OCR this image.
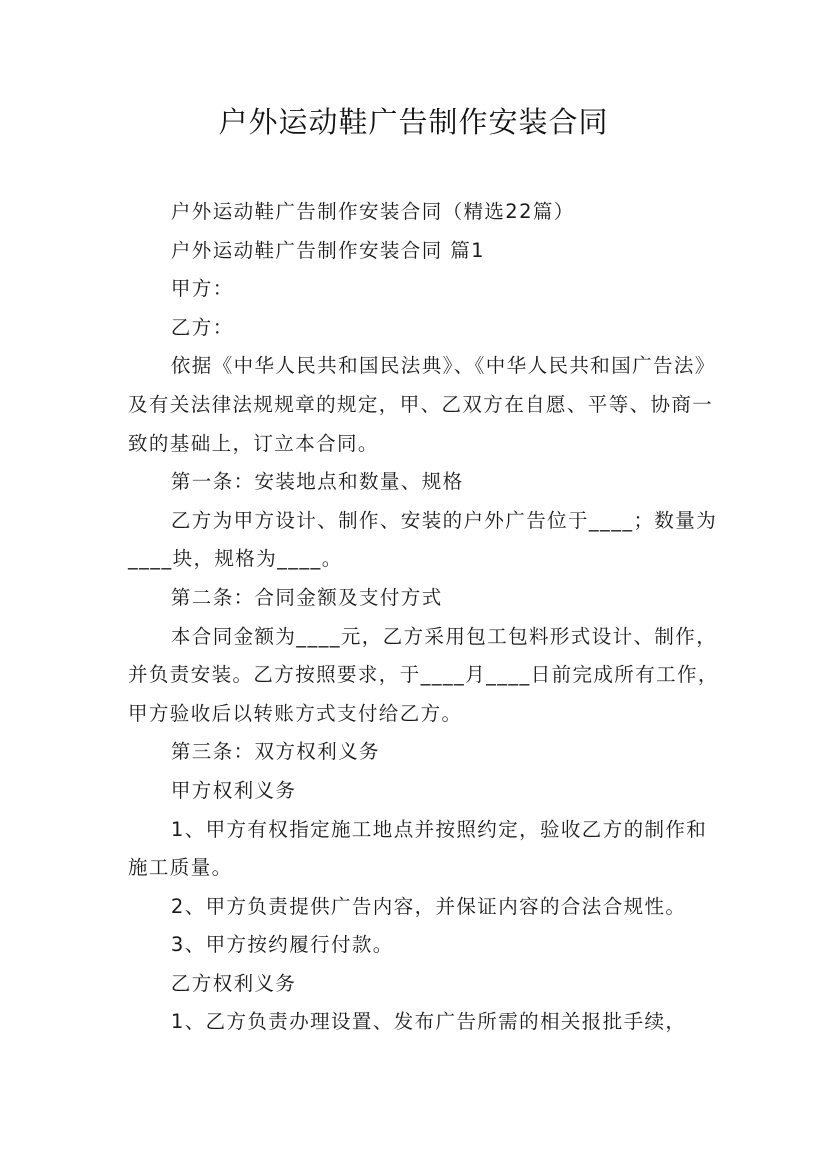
户外运动鞋广告制作安装合同

户外运动鞋广告制作安装合同（精选22篇）

户外运动鞋广告制作安装合同 篇1

甲方：

乙方：

依据《中华人民共和国民法典》、《中华人民共和国广告法》及有关法律法规规章的规定，甲、乙双方在自愿、平等、协商一致的基础上，订立本合同。

第一条：安装地点和数量、规格

乙方为甲方设计、制作、安装的户外广告位于____；数量为____块，规格为____。

第二条：合同金额及支付方式

本合同金额为____元，乙方采用包工包料形式设计、制作，并负责安装。乙方按照要求，于____月____日前完成所有工作，甲方验收后以转账方式支付给乙方。

第三条：双方权利义务

甲方权利义务

1、甲方有权指定施工地点并按照约定，验收乙方的制作和施工质量。

2、甲方负责提供广告内容，并保证内容的合法合规性。

3、甲方按约履行付款。

乙方权利义务

1、乙方负责办理设置、发布广告所需的相关报批手续，
